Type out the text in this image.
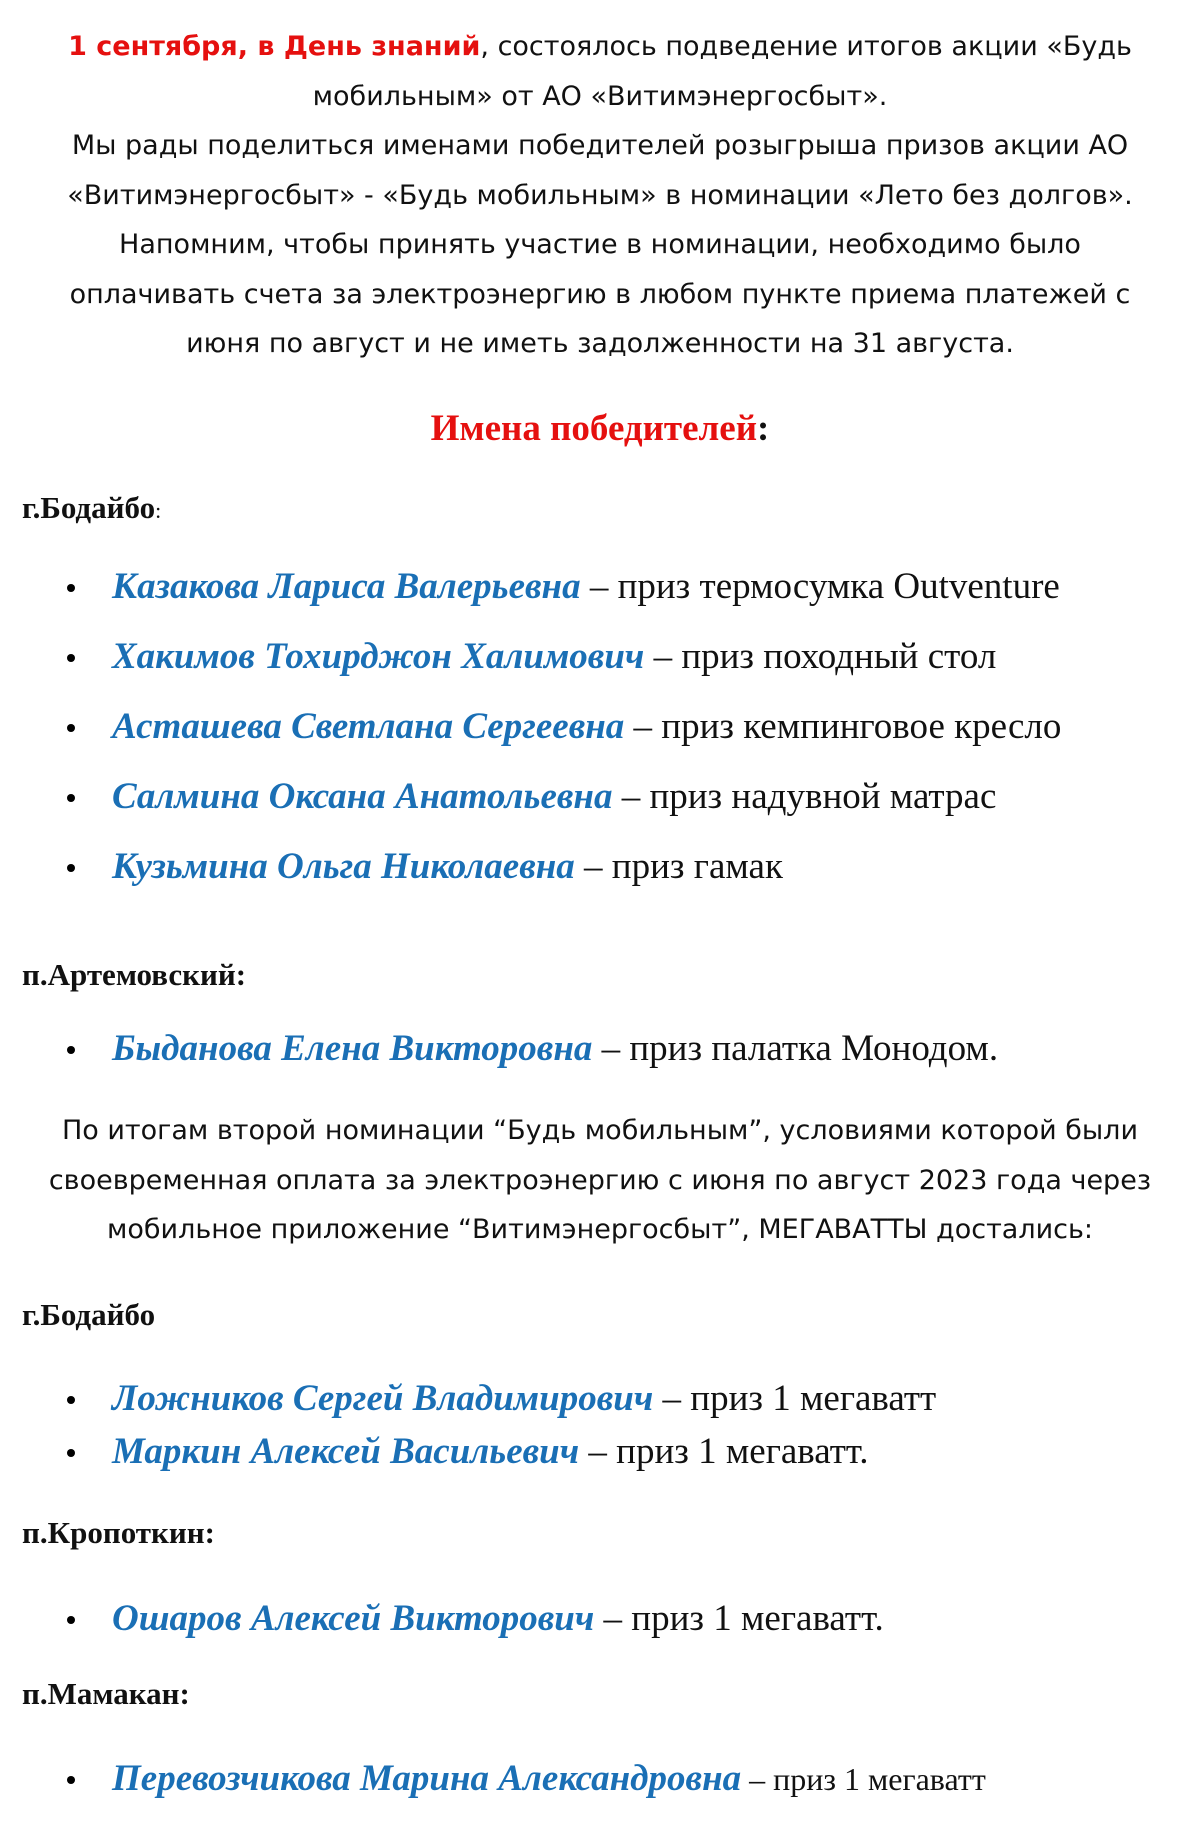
1 сентября, в День знаний, состоялось подведение итогов акции «Будь
мобильным» от АО «Витимэнергосбыт».
Мы рады поделиться именами победителей розыгрыша призов акции АО
«Витимэнергосбыт» - «Будь мобильным» в номинации «Лето без долгов».
Напомним, чтобы принять участие в номинации, необходимо было
оплачивать счета за электроэнергию в любом пункте приема платежей с
июня по август и не иметь задолженности на 31 августа.
Имена победителей:
г.Бодайбо:
Казакова Лариса Валерьевна – приз термосумка Outventure
Хакимов Тохирджон Халимович – приз походный стол
Асташева Светлана Сергеевна – приз кемпинговое кресло
Салмина Оксана Анатольевна – приз надувной матрас
Кузьмина Ольга Николаевна – приз гамак
п.Артемовский:
Быданова Елена Викторовна – приз палатка Монодом.
По итогам второй номинации “Будь мобильным”, условиями которой были
своевременная оплата за электроэнергию с июня по август 2023 года через
мобильное приложение “Витимэнергосбыт”, МЕГАВАТТЫ достались:
г.Бодайбо
Ложников Сергей Владимирович – приз 1 мегаватт
Маркин Алексей Васильевич – приз 1 мегаватт.
п.Кропоткин:
Ошаров Алексей Викторович – приз 1 мегаватт.
п.Мамакан:
Перевозчикова Марина Александровна – приз 1 мегаватт
